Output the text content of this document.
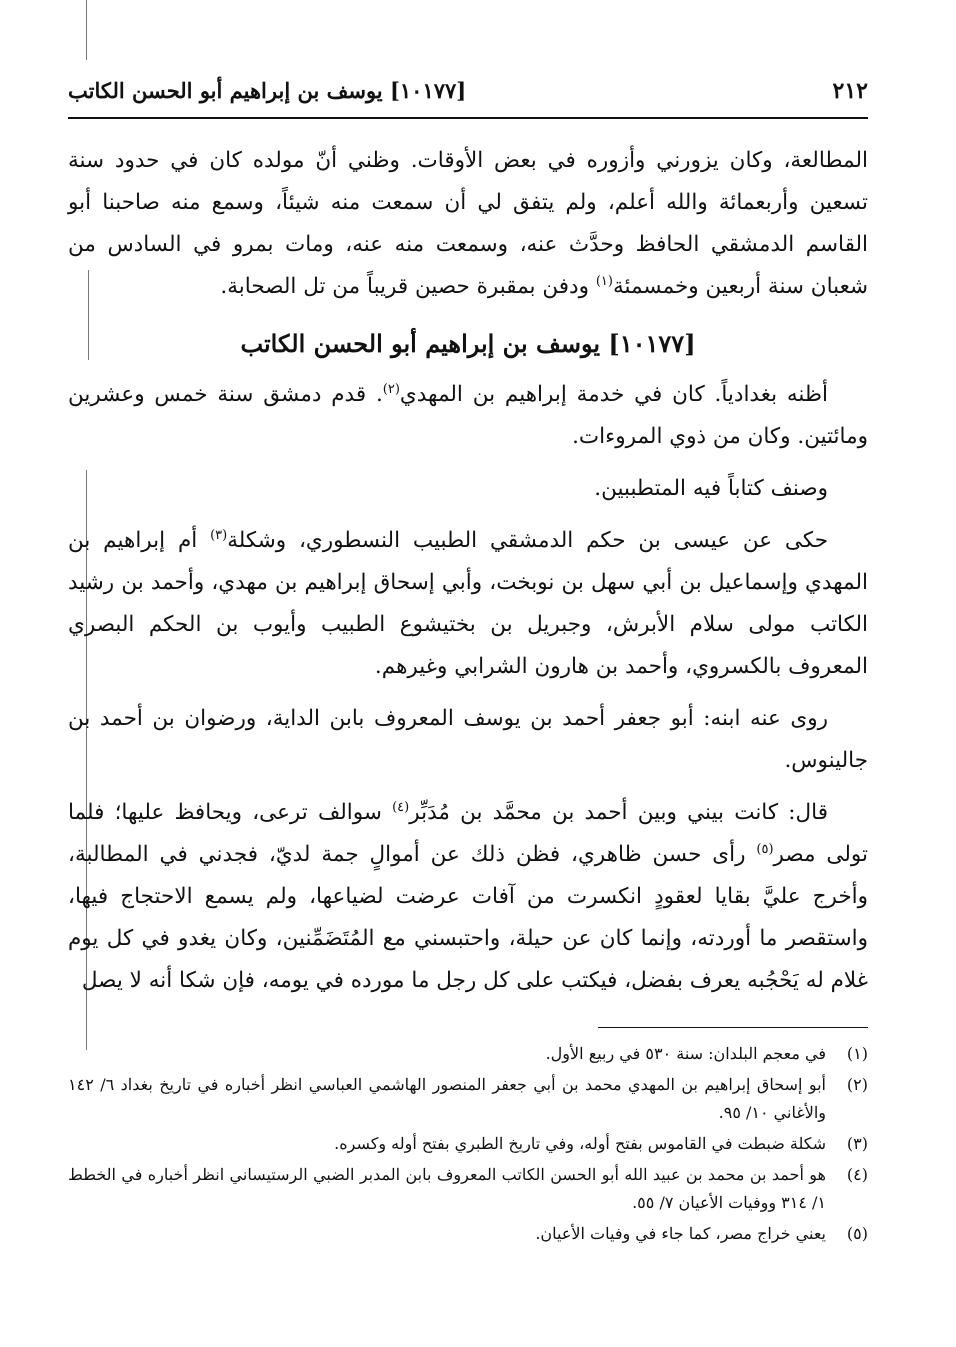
٢١٢
[١٠١٧٧] يوسف بن إبراهيم أبو الحسن الكاتب

المطالعة، وكان يزورني وأزوره في بعض الأوقات. وظني أنّ مولده كان في حدود سنة تسعين وأربعمائة والله أعلم، ولم يتفق لي أن سمعت منه شيئاً، وسمع منه صاحبنا أبو القاسم الدمشقي الحافظ وحدَّث عنه، وسمعت منه عنه، ومات بمرو في السادس من شعبان سنة أربعين وخمسمئة$^{(١)}$ ودفن بمقبرة حصين قريباً من تل الصحابة.

[١٠١٧٧] يوسف بن إبراهيم أبو الحسن الكاتب

أظنه بغدادياً. كان في خدمة إبراهيم بن المهدي$^{(٢)}$. قدم دمشق سنة خمس وعشرين ومائتين. وكان من ذوي المروءات.

وصنف كتاباً فيه المتطببين.

حكى عن عيسى بن حكم الدمشقي الطبيب النسطوري، وشكلة$^{(٣)}$ أم إبراهيم بن المهدي وإسماعيل بن أبي سهل بن نوبخت، وأبي إسحاق إبراهيم بن مهدي، وأحمد بن رشيد الكاتب مولى سلام الأبرش، وجبريل بن بختيشوع الطبيب وأيوب بن الحكم البصري المعروف بالكسروي، وأحمد بن هارون الشرابي وغيرهم.

روى عنه ابنه: أبو جعفر أحمد بن يوسف المعروف بابن الداية، ورضوان بن أحمد بن جالينوس.

قال: كانت بيني وبين أحمد بن محمَّد بن مُدَبِّر$^{(٤)}$ سوالف ترعى، ويحافظ عليها؛ فلما تولى مصر$^{(٥)}$ رأى حسن ظاهري، فظن ذلك عن أموالٍ جمة لديّ، فجدني في المطالبة، وأخرج عليَّ بقايا لعقودٍ انكسرت من آفات عرضت لضياعها، ولم يسمع الاحتجاج فيها، واستقصر ما أوردته، وإنما كان عن حيلة، واحتبسني مع المُتَضَمِّنين، وكان يغدو في كل يوم غلام له يَحْجُبه يعرف بفضل، فيكتب على كل رجل ما مورده في يومه، فإن شكا أنه لا يصل

(١)
في معجم البلدان: سنة ٥٣٠ في ربيع الأول.
(٢)
أبو إسحاق إبراهيم بن المهدي محمد بن أبي جعفر المنصور الهاشمي العباسي انظر أخباره في تاريخ بغداد ٦/ ١٤٢ والأغاني ١٠/ ٩٥.
(٣)
شكلة ضبطت في القاموس بفتح أوله، وفي تاريخ الطبري بفتح أوله وكسره.
(٤)
هو أحمد بن محمد بن عبيد الله أبو الحسن الكاتب المعروف بابن المدبر الضبي الرستيساني انظر أخباره في الخطط ١/ ٣١٤ ووفيات الأعيان ٧/ ٥٥.
(٥)
يعني خراج مصر، كما جاء في وفيات الأعيان.
